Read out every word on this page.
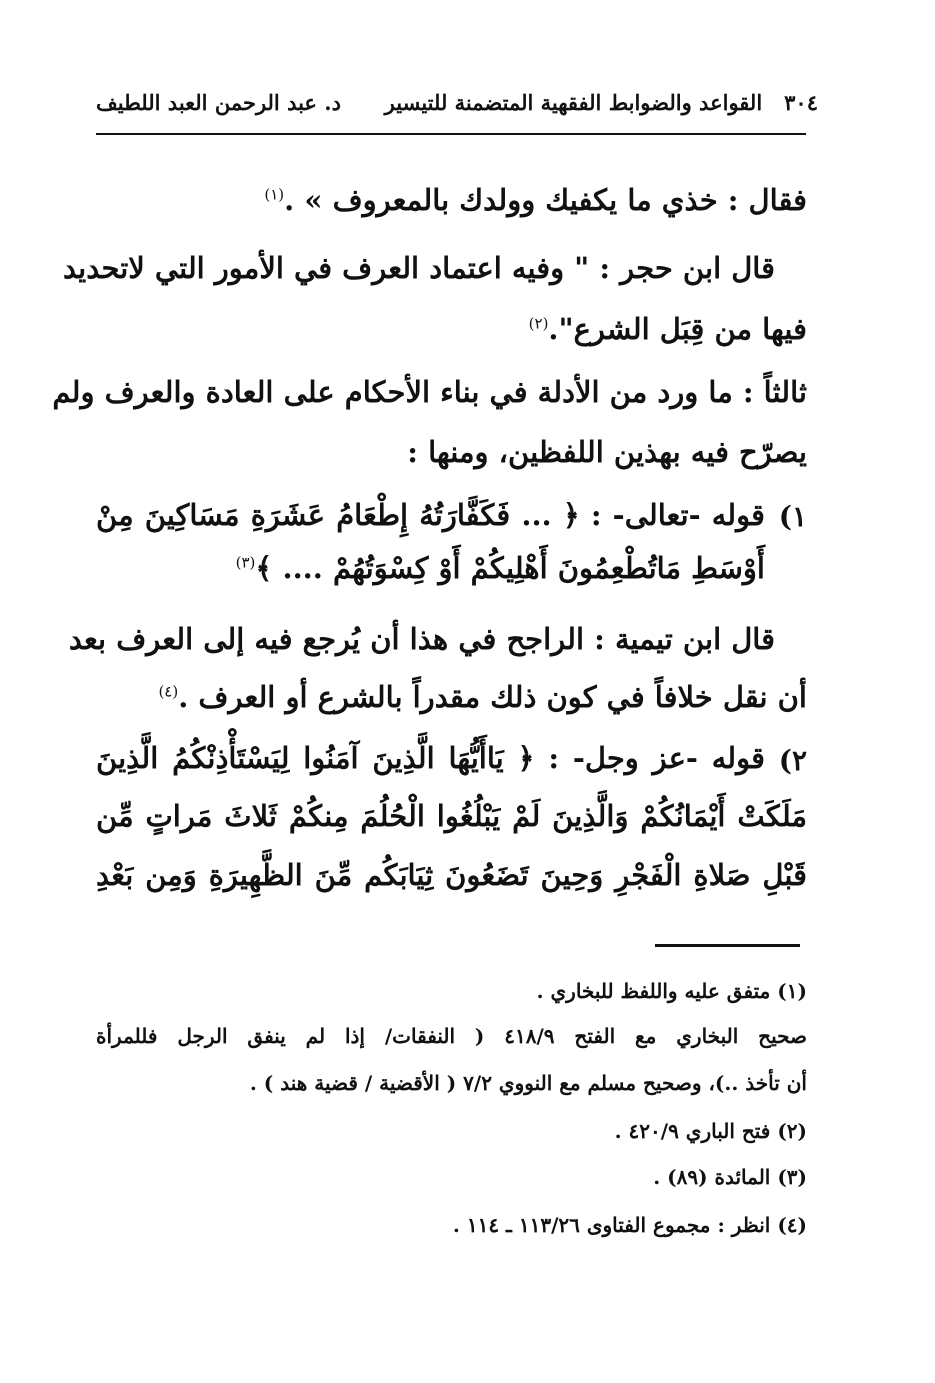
٣٠٤
القواعد والضوابط الفقهية المتضمنة للتيسير
د. عبد الرحمن العبد اللطيف
فقال : خذي ما يكفيك وولدك بالمعروف » .$^{(١)}$
قال ابن حجر : " وفيه اعتماد العرف في الأمور التي لاتحديد
فيها من قِبَل الشرع".$^{(٢)}$
ثالثاً : ما ورد من الأدلة في بناء الأحكام على العادة والعرف ولم
يصرّح فيه بهذين اللفظين، ومنها :
١)
قوله -تعالى- : ﴿ ... فَكَفَّارَتُهُ إِطْعَامُ عَشَرَةِ مَسَاكِينَ مِنْ
أَوْسَطِ مَاتُطْعِمُونَ أَهْلِيكُمْ أَوْ كِسْوَتُهُمْ .... ﴾$^{(٣)}$
قال ابن تيمية : الراجح في هذا أن يُرجع فيه إلى العرف بعد
أن نقل خلافاً في كون ذلك مقدراً بالشرع أو العرف .$^{(٤)}$
٢)
قوله -عز وجل- : ﴿ يَاأَيُّهَا الَّذِينَ آمَنُوا لِيَسْتَأْذِنْكُمُ الَّذِينَ
مَلَكَتْ أَيْمَانُكُمْ وَالَّذِينَ لَمْ يَبْلُغُوا الْحُلُمَ مِنكُمْ ثَلاثَ مَراتٍ مِّن
قَبْلِ صَلاةِ الْفَجْرِ وَحِينَ تَضَعُونَ ثِيَابَكُم مِّنَ الظَّهِيرَةِ وَمِن بَعْدِ
(١) متفق عليه واللفظ للبخاري .
صحيح البخاري مع الفتح ٤١٨/٩ ( النفقات/ إذا لم ينفق الرجل فللمرأة
أن تأخذ ..)، وصحيح مسلم مع النووي ٧/٢ ( الأقضية / قضية هند ) .
(٢) فتح الباري ٤٢٠/٩ .
(٣) المائدة (٨٩) .
(٤) انظر : مجموع الفتاوى ١١٣/٢٦ ـ ١١٤ .
